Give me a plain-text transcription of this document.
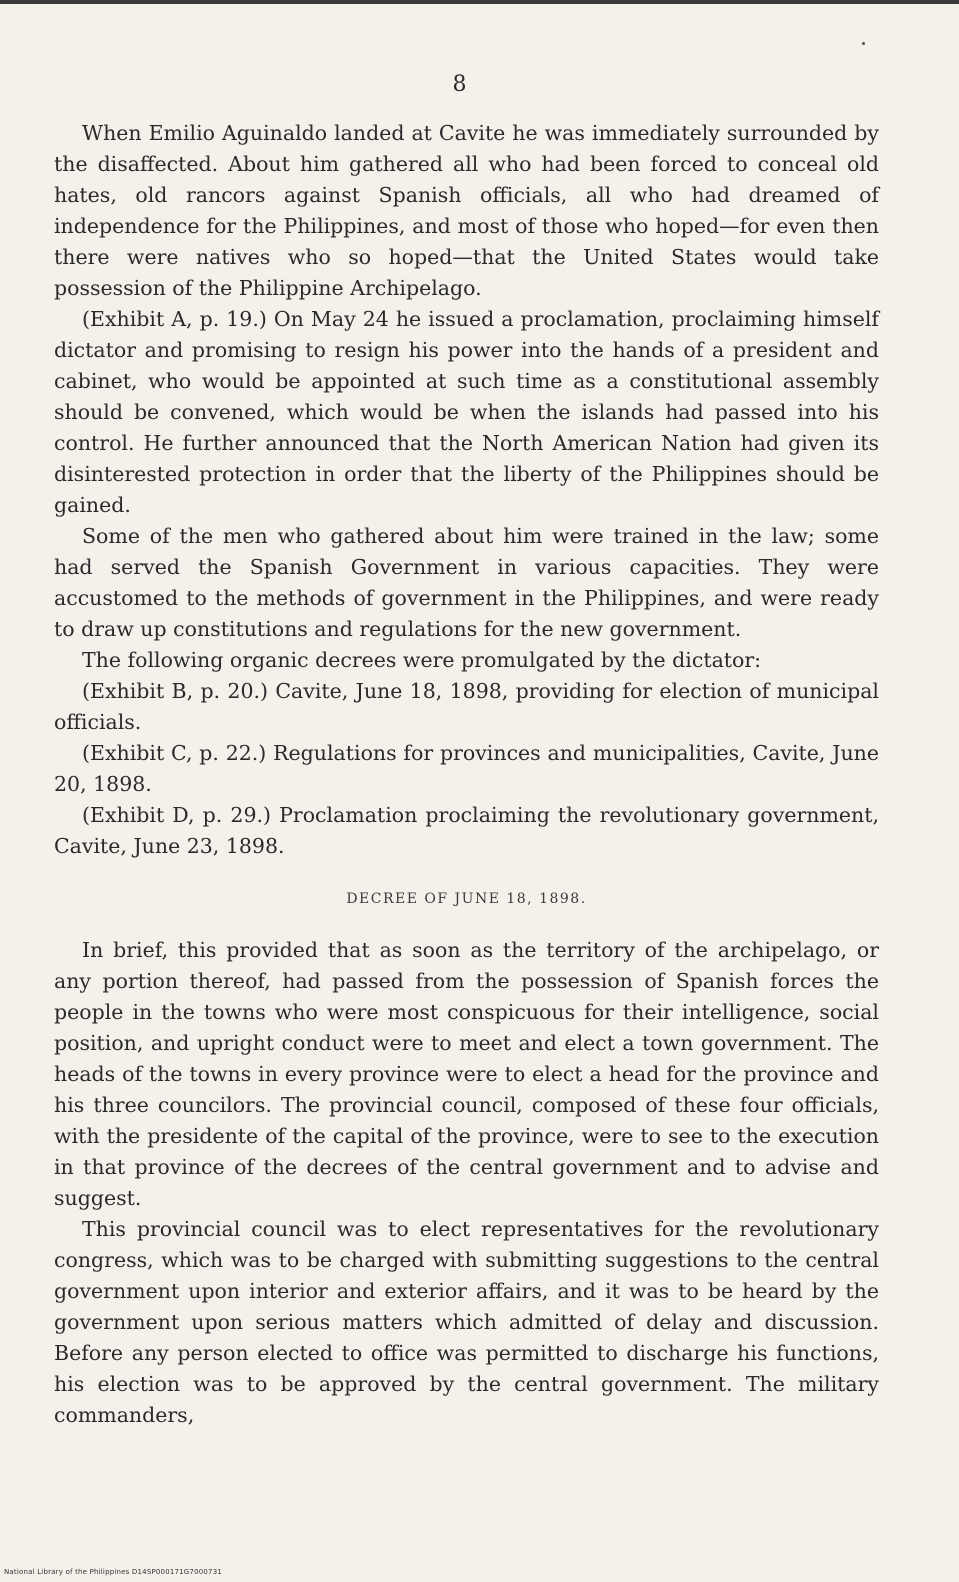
8

When Emilio Aguinaldo landed at Cavite he was immediately surrounded by the disaffected. About him gathered all who had been forced to conceal old hates, old rancors against Spanish officials, all who had dreamed of independence for the Philippines, and most of those who hoped—for even then there were natives who so hoped—that the United States would take possession of the Philippine Archipelago.

(Exhibit A, p. 19.) On May 24 he issued a proclamation, proclaiming himself dictator and promising to resign his power into the hands of a president and cabinet, who would be appointed at such time as a constitutional assembly should be convened, which would be when the islands had passed into his control. He further announced that the North American Nation had given its disinterested protection in order that the liberty of the Philippines should be gained.

Some of the men who gathered about him were trained in the law; some had served the Spanish Government in various capacities. They were accustomed to the methods of government in the Philippines, and were ready to draw up constitutions and regulations for the new government.

The following organic decrees were promulgated by the dictator:

(Exhibit B, p. 20.) Cavite, June 18, 1898, providing for election of municipal officials.

(Exhibit C, p. 22.) Regulations for provinces and municipalities, Cavite, June 20, 1898.

(Exhibit D, p. 29.) Proclamation proclaiming the revolutionary government, Cavite, June 23, 1898.

DECREE OF JUNE 18, 1898.

In brief, this provided that as soon as the territory of the archipelago, or any portion thereof, had passed from the possession of Spanish forces the people in the towns who were most conspicuous for their intelligence, social position, and upright conduct were to meet and elect a town government. The heads of the towns in every province were to elect a head for the province and his three councilors. The provincial council, composed of these four officials, with the presidente of the capital of the province, were to see to the execution in that province of the decrees of the central government and to advise and suggest.

This provincial council was to elect representatives for the revolutionary congress, which was to be charged with submitting suggestions to the central government upon interior and exterior affairs, and it was to be heard by the government upon serious matters which admitted of delay and discussion. Before any person elected to office was permitted to discharge his functions, his election was to be approved by the central government. The military commanders,

National Library of the Philippines D14SP000171G7000731
